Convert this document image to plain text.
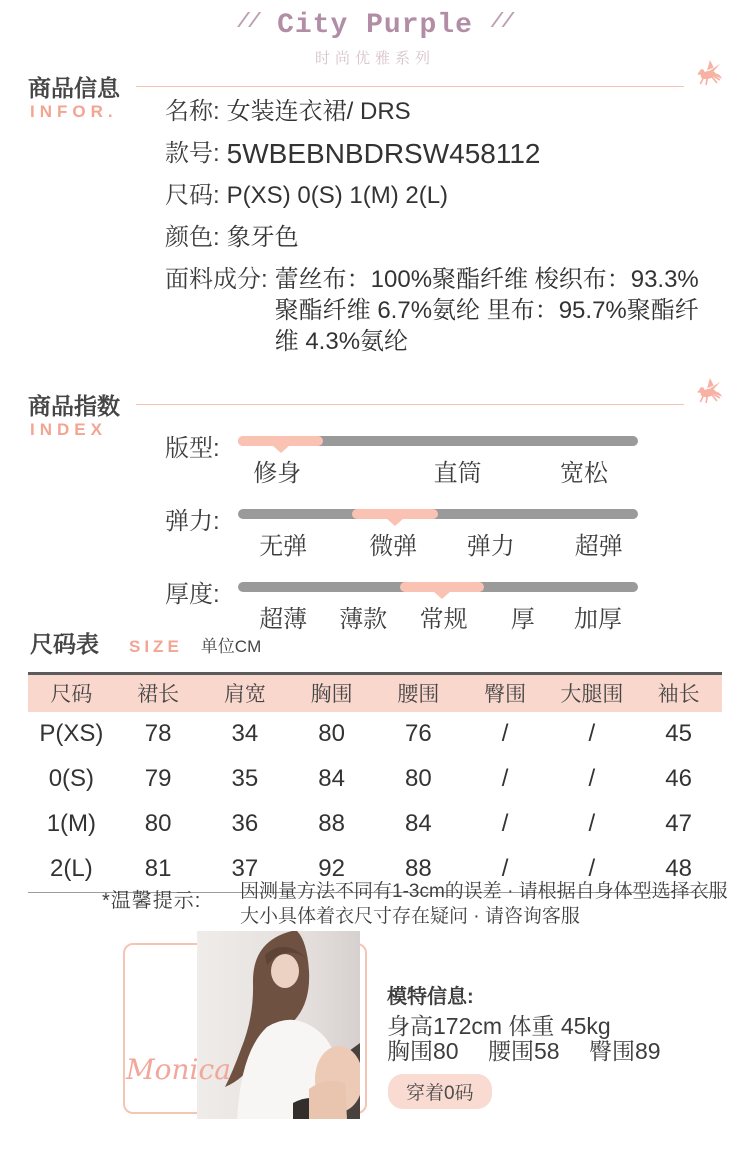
// City Purple //
时尚优雅系列
商品信息
INFOR. 名称: 女装连衣裙/ DRS
款号: 5WBEBNBDRSW458112
尺码: P(XS) 0(S) 1(M) 2(L)
颜色: 象牙色
面料成分: 蕾丝布：100%聚酯纤维 梭织布：93.3%聚酯纤维 6.7%氨纶 里布：95.7%聚酯纤维 4.3%氨纶
商品指数
INDEX
版型:
修身	直筒	宽松
弹力:
无弹	微弹 弹力	超弹
厚度:
超薄 薄款 常规 厚 加厚
尺码表 SIZE 单位CM
尺码	裙长	肩宽	胸围	腰围	臀围	大腿围	袖长
P(XS)	78	34	80	76	/	/	45
0(S)	79	35	84	80	/	/	46
1(M)	80	36	88	84	/	/	47
2(L)	81	37	92	88	/	/	48
*温馨提示: 因测量方法不同有1-3cm的误差 · 请根据自身体型选择衣服
大小具体着衣尺寸存在疑问 · 请咨询客服
Monica
模特信息:
身高172cm 体重 45kg
胸围80　 腰围58　 臀围89
穿着0码
